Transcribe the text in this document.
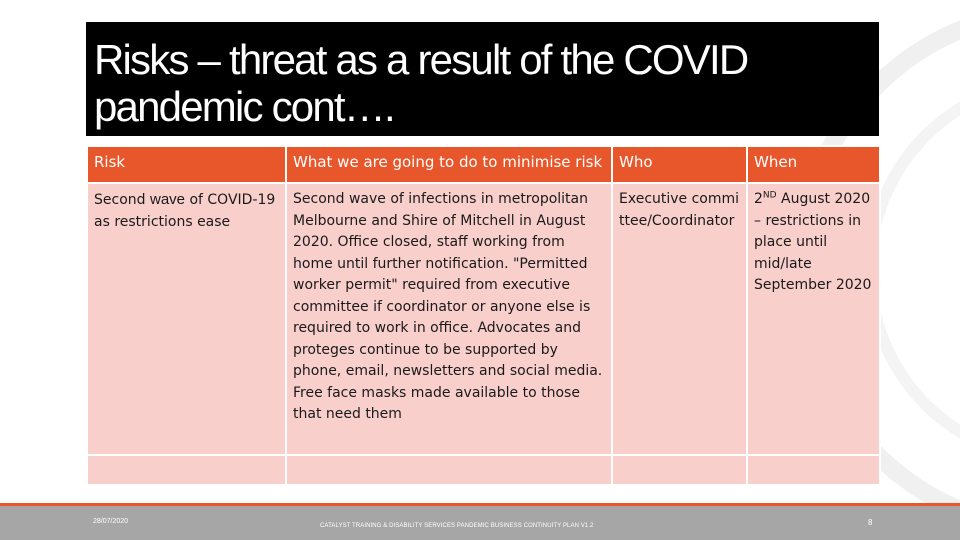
Risks – threat as a result of the COVID pandemic cont….
Risk	What we are going to do to minimise risk	Who	When
Second wave of COVID-19 as restrictions ease	Second wave of infections in metropolitan Melbourne and Shire of Mitchell in August 2020. Office closed, staff working from home until further notification. "Permitted worker permit" required from executive committee if coordinator or anyone else is required to work in office. Advocates and proteges continue to be supported by phone, email, newsletters and social media. Free face masks made available to those that need them	Executive committee/Coordinator	2ND August 2020 – restrictions in place until mid/late September 2020

28/07/2020
CATALYST TRAINING & DISABILITY SERVICES PANDEMIC BUSINESS CONTINUITY PLAN V1.2	8
